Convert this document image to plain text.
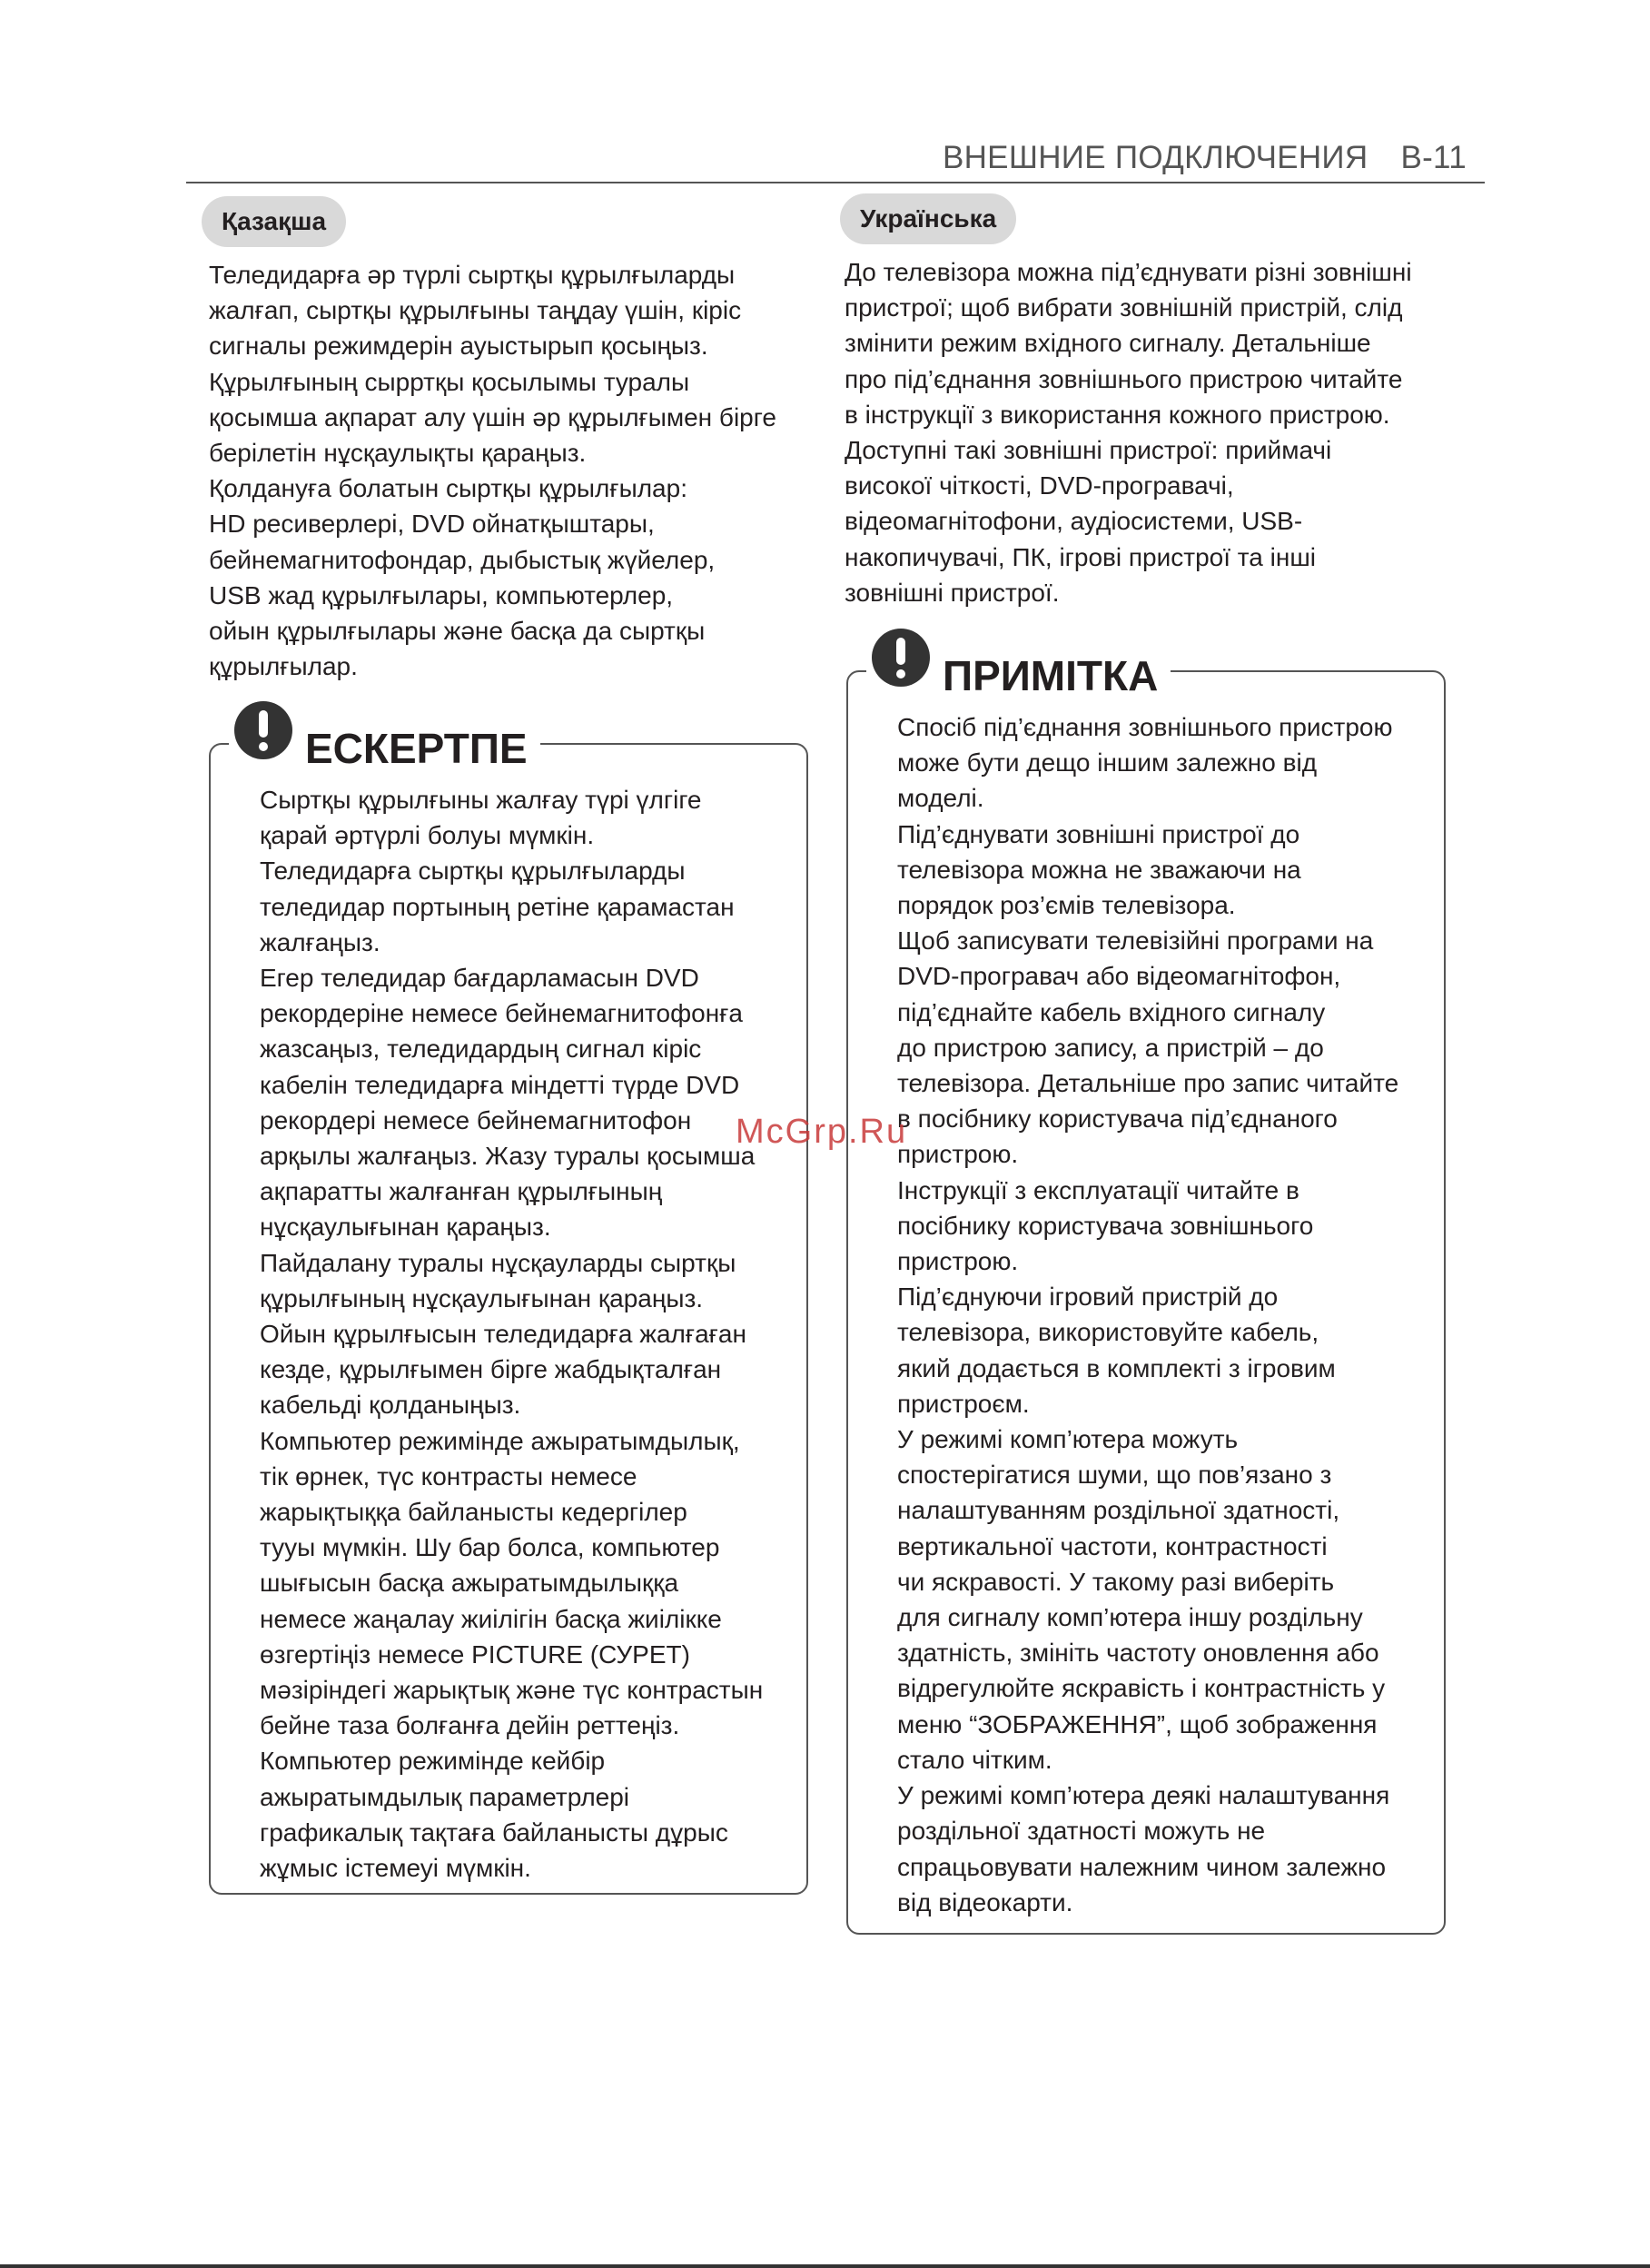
ВНЕШНИЕ ПОДКЛЮЧЕНИЯ B-11
Қазақша
Теледидарға әр түрлі сыртқы құрылғыларды
жалғап, сыртқы құрылғыны таңдау үшін, кіріс
сигналы режимдерін ауыстырып қосыңыз.
Құрылғының сырртқы қосылымы туралы
қосымша ақпарат алу үшін әр құрылғымен бірге
берілетін нұсқаулықты қараңыз.
Қолдануға болатын сыртқы құрылғылар:
HD ресиверлері, DVD ойнатқыштары,
бейнемагнитофондар, дыбыстық жүйелер,
USB жад құрылғылары, компьютерлер,
ойын құрылғылары және басқа да сыртқы
құрылғылар.
ЕСКЕРТПЕ
Сыртқы құрылғыны жалғау түрі үлгіге
қарай әртүрлі болуы мүмкін.
Теледидарға сыртқы құрылғыларды
теледидар портының ретіне қарамастан
жалғаңыз.
Егер теледидар бағдарламасын DVD
рекордеріне немесе бейнемагнитофонға
жазсаңыз, теледидардың сигнал кіріс
кабелін теледидарға міндетті түрде DVD
рекордері немесе бейнемагнитофон
арқылы жалғаңыз. Жазу туралы қосымша
ақпаратты жалғанған құрылғының
нұсқаулығынан қараңыз.
Пайдалану туралы нұсқауларды сыртқы
құрылғының нұсқаулығынан қараңыз.
Ойын құрылғысын теледидарға жалғаған
кезде, құрылғымен бірге жабдықталған
кабельді қолданыңыз.
Компьютер режимінде ажыратымдылық,
тік өрнек, түс контрасты немесе
жарықтыққа байланысты кедергілер
тууы мүмкін. Шу бар болса, компьютер
шығысын басқа ажыратымдылыққа
немесе жаңалау жиілігін басқа жиілікке
өзгертіңіз немесе PICTURE (СУРЕТ)
мәзіріндегі жарықтық және түс контрастын
бейне таза болғанға дейін реттеңіз.
Компьютер режимінде кейбір
ажыратымдылық параметрлері
графикалық тақтаға байланысты дұрыс
жұмыс істемеуі мүмкін.
Українська
До телевізора можна під’єднувати різні зовнішні
пристрої; щоб вибрати зовнішній пристрій, слід
змінити режим вхідного сигналу. Детальніше
про під’єднання зовнішнього пристрою читайте
в інструкції з використання кожного пристрою.
Доступні такі зовнішні пристрої: приймачі
високої чіткості, DVD-програвачі,
відеомагнітофони, аудіосистеми, USB-
накопичувачі, ПК, ігрові пристрої та інші
зовнішні пристрої.
ПРИМІТКА
Спосіб під’єднання зовнішнього пристрою
може бути дещо іншим залежно від
моделі.
Під’єднувати зовнішні пристрої до
телевізора можна не зважаючи на
порядок роз’ємів телевізора.
Щоб записувати телевізійні програми на
DVD-програвач або відеомагнітофон,
під’єднайте кабель вхідного сигналу
до пристрою запису, а пристрій – до
телевізора. Детальніше про запис читайте
в посібнику користувача під’єднаного
пристрою.
Інструкції з експлуатації читайте в
посібнику користувача зовнішнього
пристрою.
Під’єднуючи ігровий пристрій до
телевізора, використовуйте кабель,
який додається в комплекті з ігровим
пристроєм.
У режимі комп’ютера можуть
спостерігатися шуми, що пов’язано з
налаштуванням роздільної здатності,
вертикальної частоти, контрастності
чи яскравості. У такому разі виберіть
для сигналу комп’ютера іншу роздільну
здатність, змініть частоту оновлення або
відрегулюйте яскравість і контрастність у
меню “ЗОБРАЖЕННЯ”, щоб зображення
стало чітким.
У режимі комп’ютера деякі налаштування
роздільної здатності можуть не
спрацьовувати належним чином залежно
від відеокарти.
McGrp.Ru
